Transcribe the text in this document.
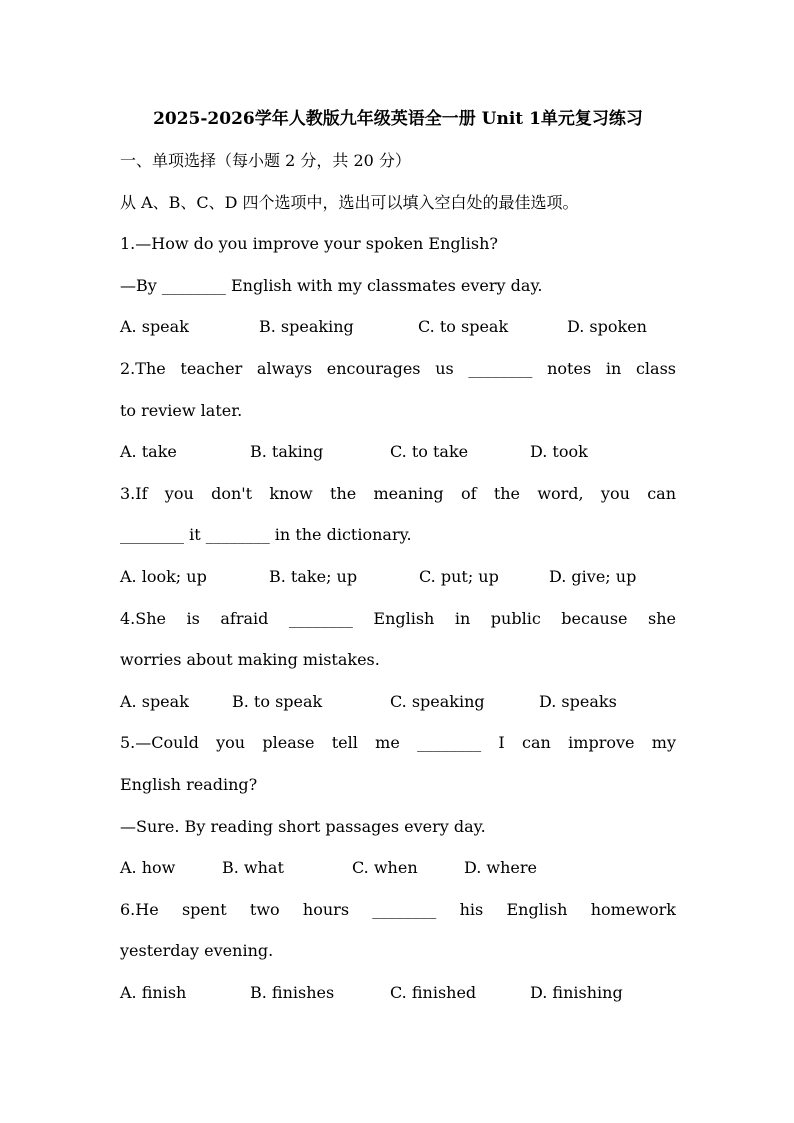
2025-2026学年人教版九年级英语全一册 Unit 1单元复习练习
一、单项选择（每小题 2 分，共 20 分）
从 A、B、C、D 四个选项中，选出可以填入空白处的最佳选项。
1.—How do you improve your spoken English?
—By ________ English with my classmates every day.
A. speak	B. speaking	C. to speak	D. spoken
2.The teacher always encourages us ________ notes in class
to review later.
A. take	B. taking	C. to take	D. took
3.If you don't know the meaning of the word, you can
________ it ________ in the dictionary.
A. look; up	B. take; up	C. put; up	D. give; up
4.She is afraid ________ English in public because she
worries about making mistakes.
A. speak	B. to speak	C. speaking	D. speaks
5.—Could you please tell me ________ I can improve my
English reading?
—Sure. By reading short passages every day.
A. how	B. what	C. when	D. where
6.He spent two hours ________ his English homework
yesterday evening.
A. finish	B. finishes	C. finished	D. finishing
